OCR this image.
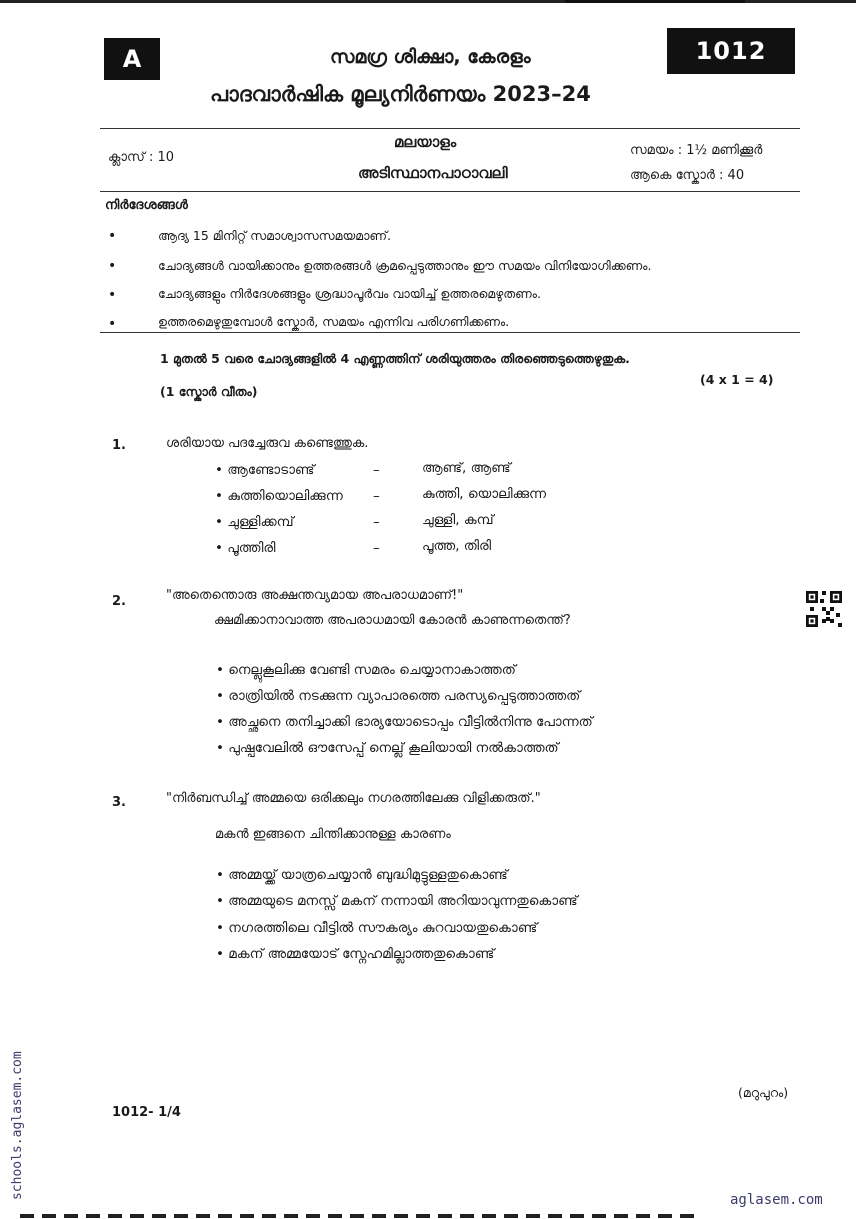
A	1012
സമഗ്ര ശിക്ഷാ, കേരളം
പാദവാർഷിക മൂല്യനിർണയം 2023–24
ക്ലാസ് : 10
മലയാളം
അടിസ്ഥാനപാഠാവലി
സമയം : 1½ മണിക്കൂർ
ആകെ സ്കോർ : 40
നിർദേശങ്ങൾ
•	ആദ്യ 15 മിനിറ്റ് സമാശ്വാസസമയമാണ്.
•	ചോദ്യങ്ങൾ വായിക്കാനും ഉത്തരങ്ങൾ ക്രമപ്പെടുത്താനും ഈ സമയം വിനിയോഗിക്കണം.
•	ചോദ്യങ്ങളും നിർദേശങ്ങളും ശ്രദ്ധാപൂർവം വായിച്ച് ഉത്തരമെഴുതണം.
•	ഉത്തരമെഴുതുമ്പോൾ സ്കോർ, സമയം എന്നിവ പരിഗണിക്കണം.
1 മുതൽ 5 വരെ ചോദ്യങ്ങളിൽ 4 എണ്ണത്തിന് ശരിയുത്തരം തിരഞ്ഞെടുത്തെഴുതുക.
(4 x 1 = 4)
(1 സ്കോർ വീതം)
1.	ശരിയായ പദച്ചേരുവ കണ്ടെത്തുക.
• ആണ്ടോടാണ്ട്	–	ആണ്ട്, ആണ്ട്
• കുത്തിയൊലിക്കുന്ന –	കുത്തി, യൊലിക്കുന്ന
• ചുള്ളിക്കമ്പ്	–	ചുള്ളി, കമ്പ്
• പൂത്തിരി	–	പൂത്ത, തിരി
2.	"അതെന്തൊരു അക്ഷന്തവ്യമായ അപരാധമാണ്!"
ക്ഷമിക്കാനാവാത്ത അപരാധമായി കോരൻ കാണുന്നതെന്ത്?
• നെല്ലുകൂലിക്കു വേണ്ടി സമരം ചെയ്യാനാകാത്തത്
• രാത്രിയിൽ നടക്കുന്ന വ്യാപാരത്തെ പരസ്യപ്പെടുത്താത്തത്
• അച്ഛനെ തനിച്ചാക്കി ഭാര്യയോടൊപ്പം വീട്ടിൽനിന്നു പോന്നത്
• പുഷ്പവേലിൽ ഔസേപ്പ് നെല്ല് കൂലിയായി നൽകാത്തത്
3.	"നിർബന്ധിച്ച് അമ്മയെ ഒരിക്കലും നഗരത്തിലേക്കു വിളിക്കരുത്."
മകൻ ഇങ്ങനെ ചിന്തിക്കാനുള്ള കാരണം
• അമ്മയ്ക്ക് യാത്രചെയ്യാൻ ബുദ്ധിമുട്ടുള്ളതുകൊണ്ട്
• അമ്മയുടെ മനസ്സ് മകന് നന്നായി അറിയാവുന്നതുകൊണ്ട്
• നഗരത്തിലെ വീട്ടിൽ സൗകര്യം കുറവായതുകൊണ്ട്
• മകന് അമ്മയോട് സ്നേഹമില്ലാത്തതുകൊണ്ട്
(മറുപുറം)
1012- 1/4
schools.aglasem.com	aglasem.com
